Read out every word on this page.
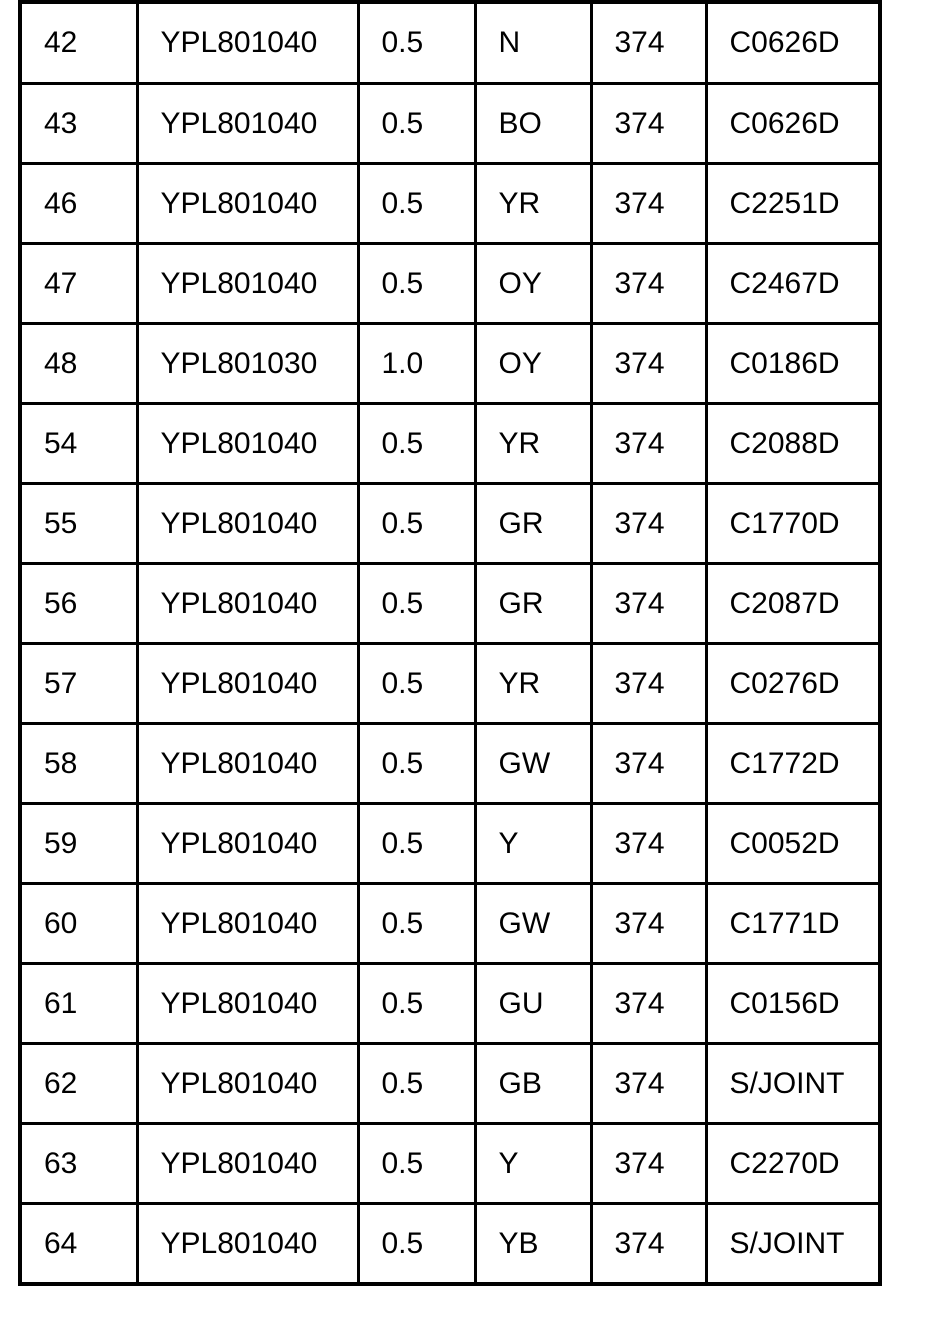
42	YPL801040	0.5	N	374	C0626D
43	YPL801040	0.5	BO	374	C0626D
46	YPL801040	0.5	YR	374	C2251D
47	YPL801040	0.5	OY	374	C2467D
48	YPL801030	1.0	OY	374	C0186D
54	YPL801040	0.5	YR	374	C2088D
55	YPL801040	0.5	GR	374	C1770D
56	YPL801040	0.5	GR	374	C2087D
57	YPL801040	0.5	YR	374	C0276D
58	YPL801040	0.5	GW	374	C1772D
59	YPL801040	0.5	Y	374	C0052D
60	YPL801040	0.5	GW	374	C1771D
61	YPL801040	0.5	GU	374	C0156D
62	YPL801040	0.5	GB	374	S/JOINT
63	YPL801040	0.5	Y	374	C2270D
64	YPL801040	0.5	YB	374	S/JOINT
